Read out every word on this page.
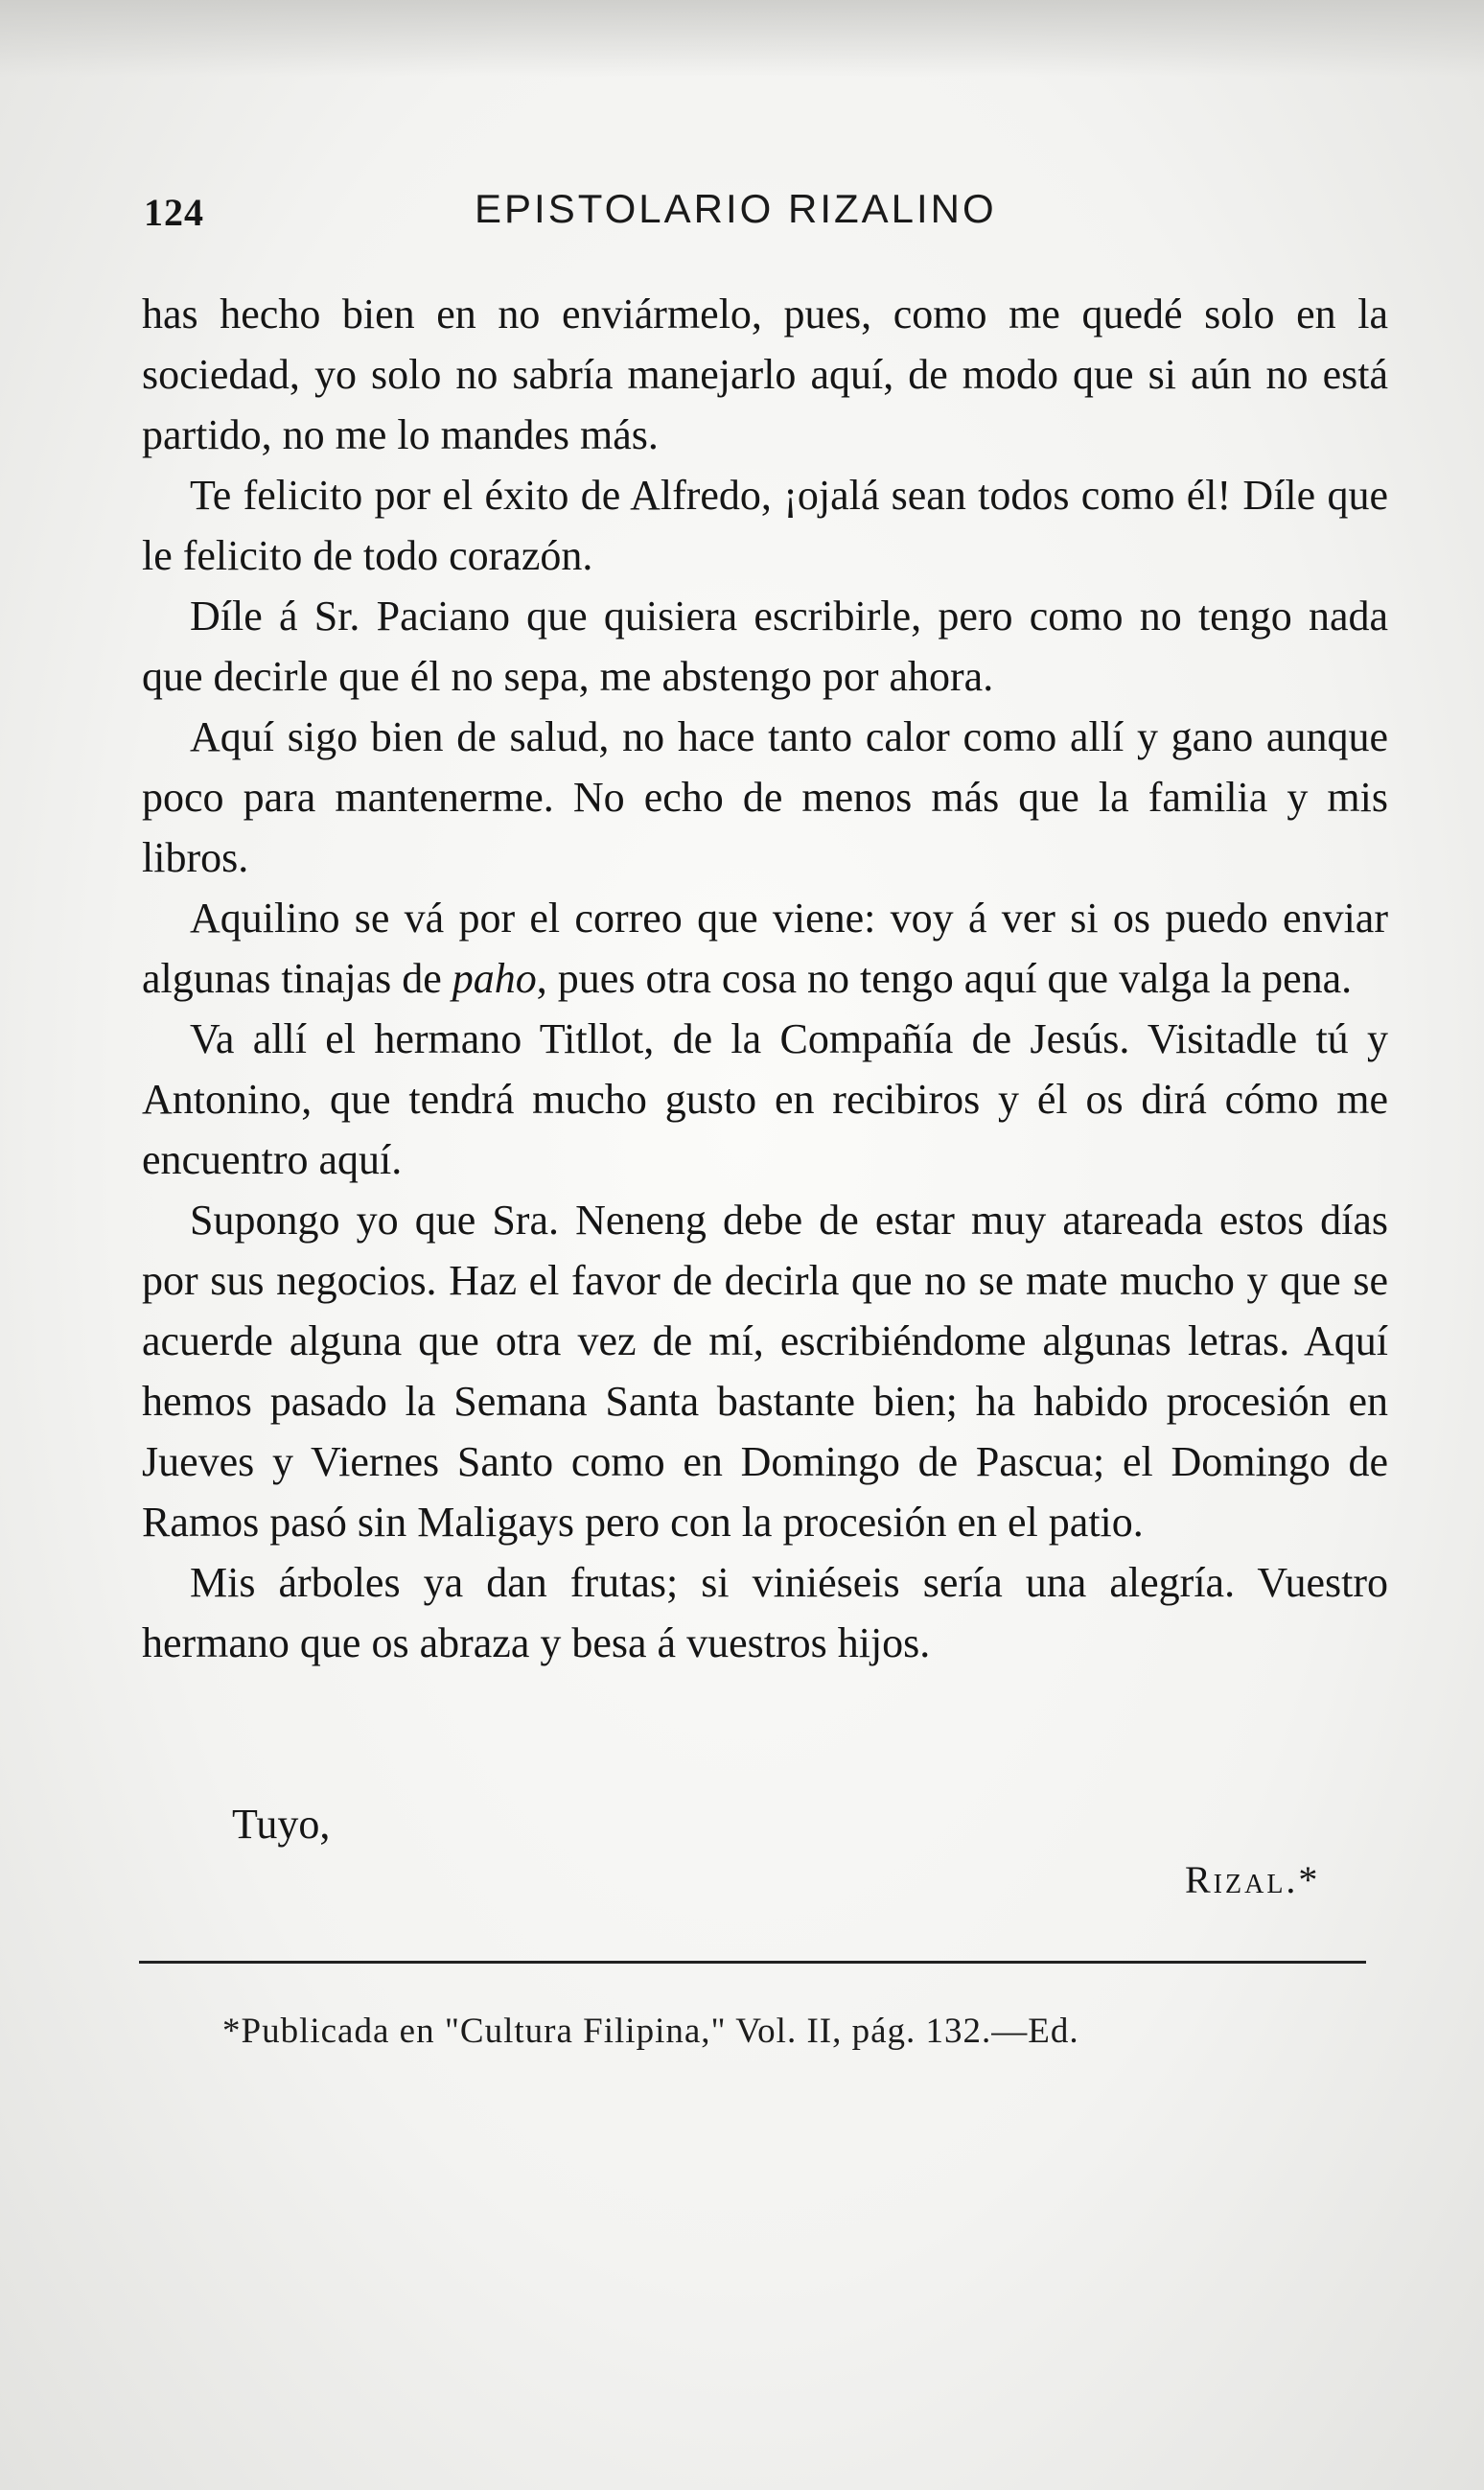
124	EPISTOLARIO RIZALINO

has hecho bien en no enviármelo, pues, como me quedé solo en la sociedad, yo solo no sabría manejarlo aquí, de modo que si aún no está partido, no me lo mandes más.

Te felicito por el éxito de Alfredo, ¡ojalá sean todos como él! Díle que le felicito de todo corazón.

Díle á Sr. Paciano que quisiera escribirle, pero como no tengo nada que decirle que él no sepa, me abstengo por ahora.

Aquí sigo bien de salud, no hace tanto calor como allí y gano aunque poco para mantenerme. No echo de menos más que la familia y mis libros.

Aquilino se vá por el correo que viene: voy á ver si os puedo enviar algunas tinajas de paho, pues otra cosa no tengo aquí que valga la pena.

Va allí el hermano Titllot, de la Compañía de Jesús. Visitadle tú y Antonino, que tendrá mucho gusto en recibiros y él os dirá cómo me encuentro aquí.

Supongo yo que Sra. Neneng debe de estar muy atareada estos días por sus negocios. Haz el favor de decirla que no se mate mucho y que se acuerde alguna que otra vez de mí, escribiéndome algunas letras. Aquí hemos pasado la Semana Santa bastante bien; ha habido procesión en Jueves y Viernes Santo como en Domingo de Pascua; el Domingo de Ramos pasó sin Maligays pero con la procesión en el patio.

Mis árboles ya dan frutas; si viniéseis sería una alegría. Vuestro hermano que os abraza y besa á vuestros hijos.

Tuyo,
Rizal.*
*Publicada en "Cultura Filipina," Vol. II, pág. 132.—Ed.
